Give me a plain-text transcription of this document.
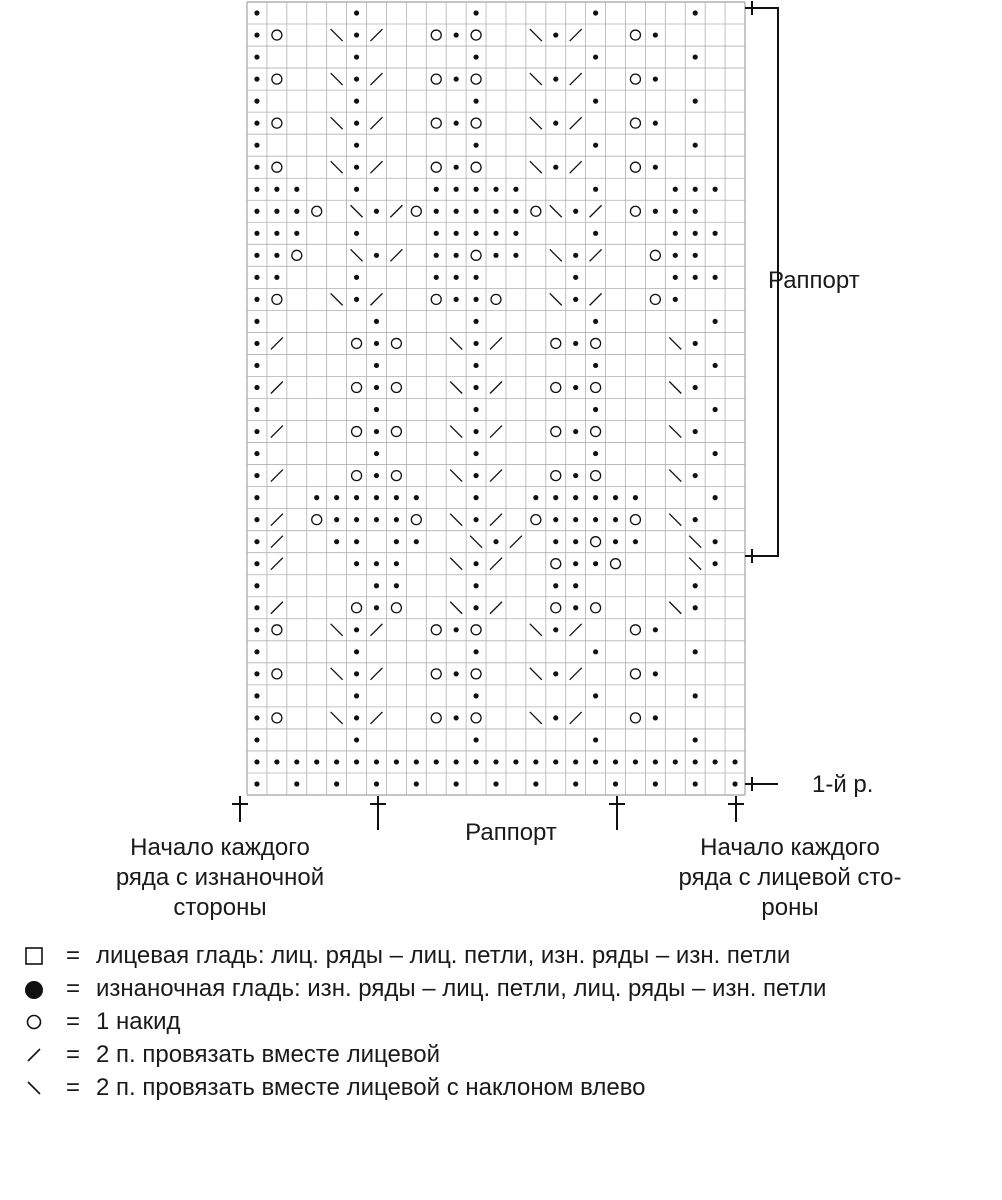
Раппорт
1-й р.
Раппорт
Начало каждого
ряда с изнаночной
стороны
Начало каждого
ряда с лицевой сто-
роны
= лицевая гладь: лиц. ряды – лиц. петли, изн. ряды – изн. петли
= изнаночная гладь: изн. ряды – лиц. петли, лиц. ряды – изн. петли
= 1 накид
= 2 п. провязать вместе лицевой
= 2 п. провязать вместе лицевой с наклоном влево
